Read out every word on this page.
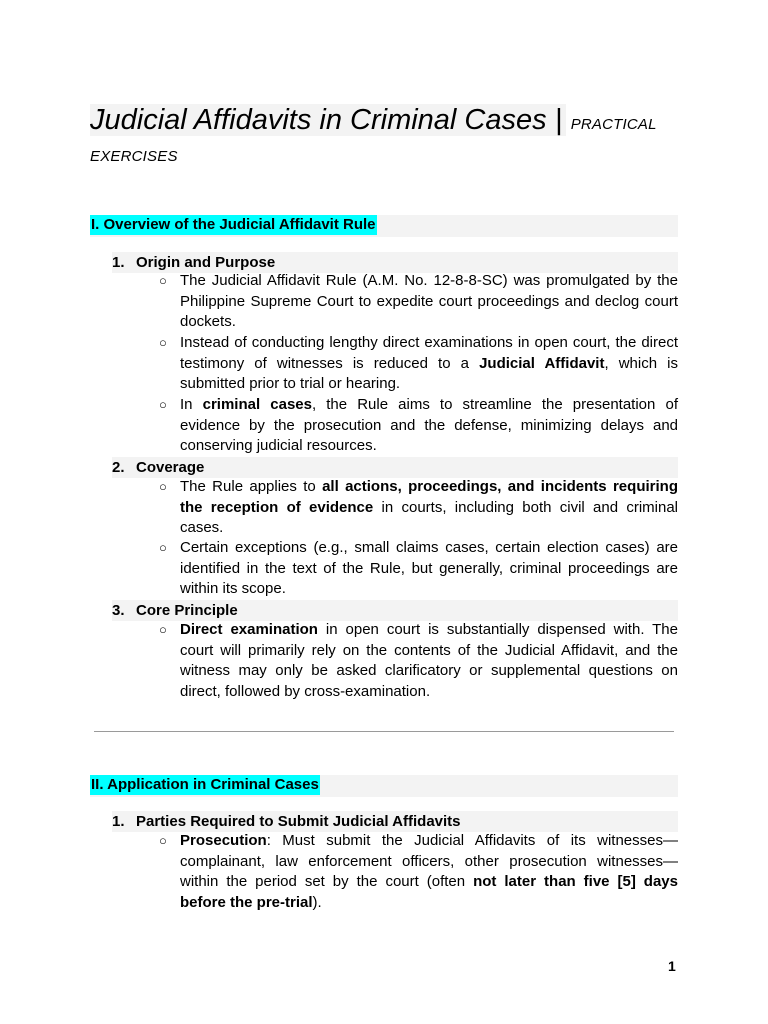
Judicial Affidavits in Criminal Cases | PRACTICAL EXERCISES
I. Overview of the Judicial Affidavit Rule
1. Origin and Purpose
○ The Judicial Affidavit Rule (A.M. No. 12-8-8-SC) was promulgated by the Philippine Supreme Court to expedite court proceedings and declog court dockets.

○ Instead of conducting lengthy direct examinations in open court, the direct testimony of witnesses is reduced to a Judicial Affidavit, which is submitted prior to trial or hearing.

○ In criminal cases, the Rule aims to streamline the presentation of evidence by the prosecution and the defense, minimizing delays and conserving judicial resources.

2. Coverage
○ The Rule applies to all actions, proceedings, and incidents requiring the reception of evidence in courts, including both civil and criminal cases.

○ Certain exceptions (e.g., small claims cases, certain election cases) are identified in the text of the Rule, but generally, criminal proceedings are within its scope.

3. Core Principle
○ Direct examination in open court is substantially dispensed with. The court will primarily rely on the contents of the Judicial Affidavit, and the witness may only be asked clarificatory or supplemental questions on direct, followed by cross-examination.

II. Application in Criminal Cases
1. Parties Required to Submit Judicial Affidavits
○ Prosecution: Must submit the Judicial Affidavits of its witnesses—complainant, law enforcement officers, other prosecution witnesses—within the period set by the court (often not later than five [5] days before the pre-trial).

1
